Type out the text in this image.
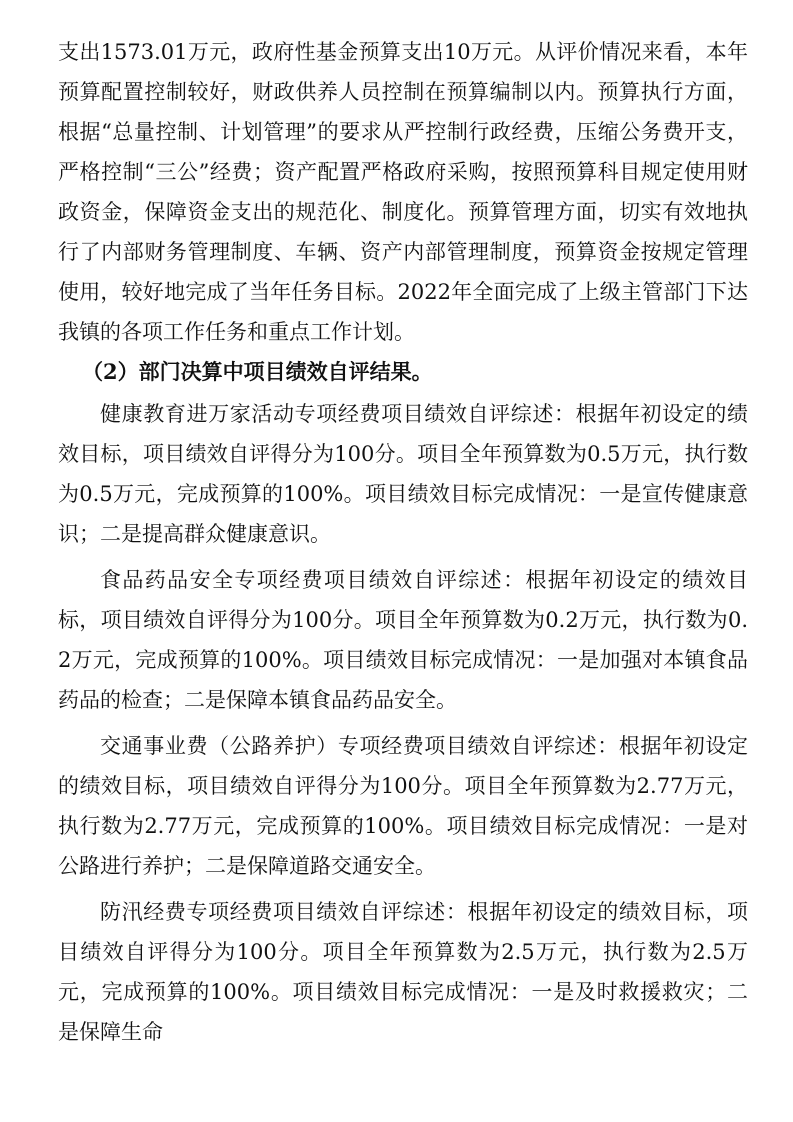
支出1573.01万元，政府性基金预算支出10万元。从评价情况来看，本年预算配置控制较好，财政供养人员控制在预算编制以内。预算执行方面，根据“总量控制、计划管理”的要求从严控制行政经费，压缩公务费开支，严格控制“三公”经费；资产配置严格政府采购，按照预算科目规定使用财政资金，保障资金支出的规范化、制度化。预算管理方面，切实有效地执行了内部财务管理制度、车辆、资产内部管理制度，预算资金按规定管理使用，较好地完成了当年任务目标。2022年全面完成了上级主管部门下达我镇的各项工作任务和重点工作计划。

（2）部门决算中项目绩效自评结果。

健康教育进万家活动专项经费项目绩效自评综述：根据年初设定的绩效目标，项目绩效自评得分为100分。项目全年预算数为0.5万元，执行数为0.5万元，完成预算的100%。项目绩效目标完成情况：一是宣传健康意识；二是提高群众健康意识。

食品药品安全专项经费项目绩效自评综述：根据年初设定的绩效目标，项目绩效自评得分为100分。项目全年预算数为0.2万元，执行数为0.2万元，完成预算的100%。项目绩效目标完成情况：一是加强对本镇食品药品的检查；二是保障本镇食品药品安全。

交通事业费（公路养护）专项经费项目绩效自评综述：根据年初设定的绩效目标，项目绩效自评得分为100分。项目全年预算数为2.77万元，执行数为2.77万元，完成预算的100%。项目绩效目标完成情况：一是对公路进行养护；二是保障道路交通安全。

防汛经费专项经费项目绩效自评综述：根据年初设定的绩效目标，项目绩效自评得分为100分。项目全年预算数为2.5万元，执行数为2.5万元，完成预算的100%。项目绩效目标完成情况：一是及时救援救灾；二是保障生命
